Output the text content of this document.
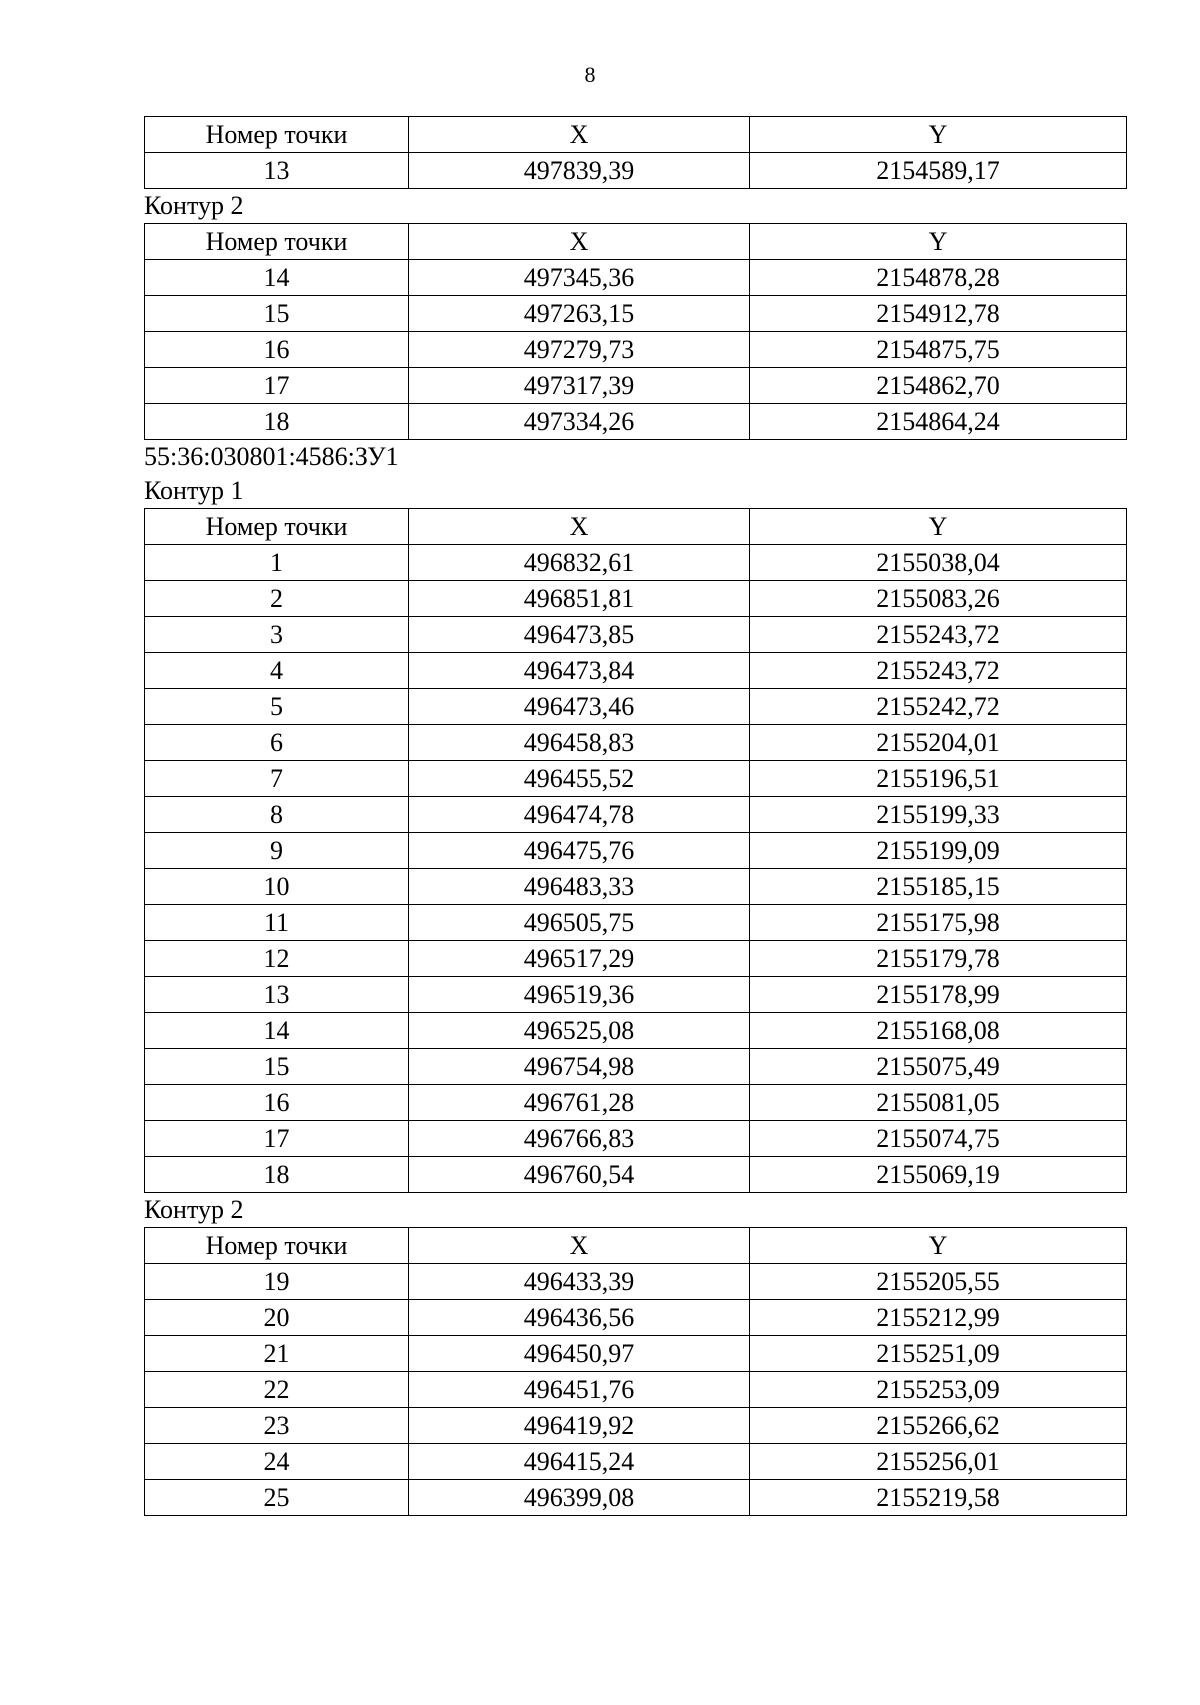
8
Номер точки	X	Y
13	497839,39	2154589,17
Контур 2
Номер точки	X	Y
14	497345,36	2154878,28
15	497263,15	2154912,78
16	497279,73	2154875,75
17	497317,39	2154862,70
18	497334,26	2154864,24
55:36:030801:4586:ЗУ1
Контур 1
Номер точки	X	Y
1	496832,61	2155038,04
2	496851,81	2155083,26
3	496473,85	2155243,72
4	496473,84	2155243,72
5	496473,46	2155242,72
6	496458,83	2155204,01
7	496455,52	2155196,51
8	496474,78	2155199,33
9	496475,76	2155199,09
10	496483,33	2155185,15
11	496505,75	2155175,98
12	496517,29	2155179,78
13	496519,36	2155178,99
14	496525,08	2155168,08
15	496754,98	2155075,49
16	496761,28	2155081,05
17	496766,83	2155074,75
18	496760,54	2155069,19
Контур 2
Номер точки	X	Y
19	496433,39	2155205,55
20	496436,56	2155212,99
21	496450,97	2155251,09
22	496451,76	2155253,09
23	496419,92	2155266,62
24	496415,24	2155256,01
25	496399,08	2155219,58
